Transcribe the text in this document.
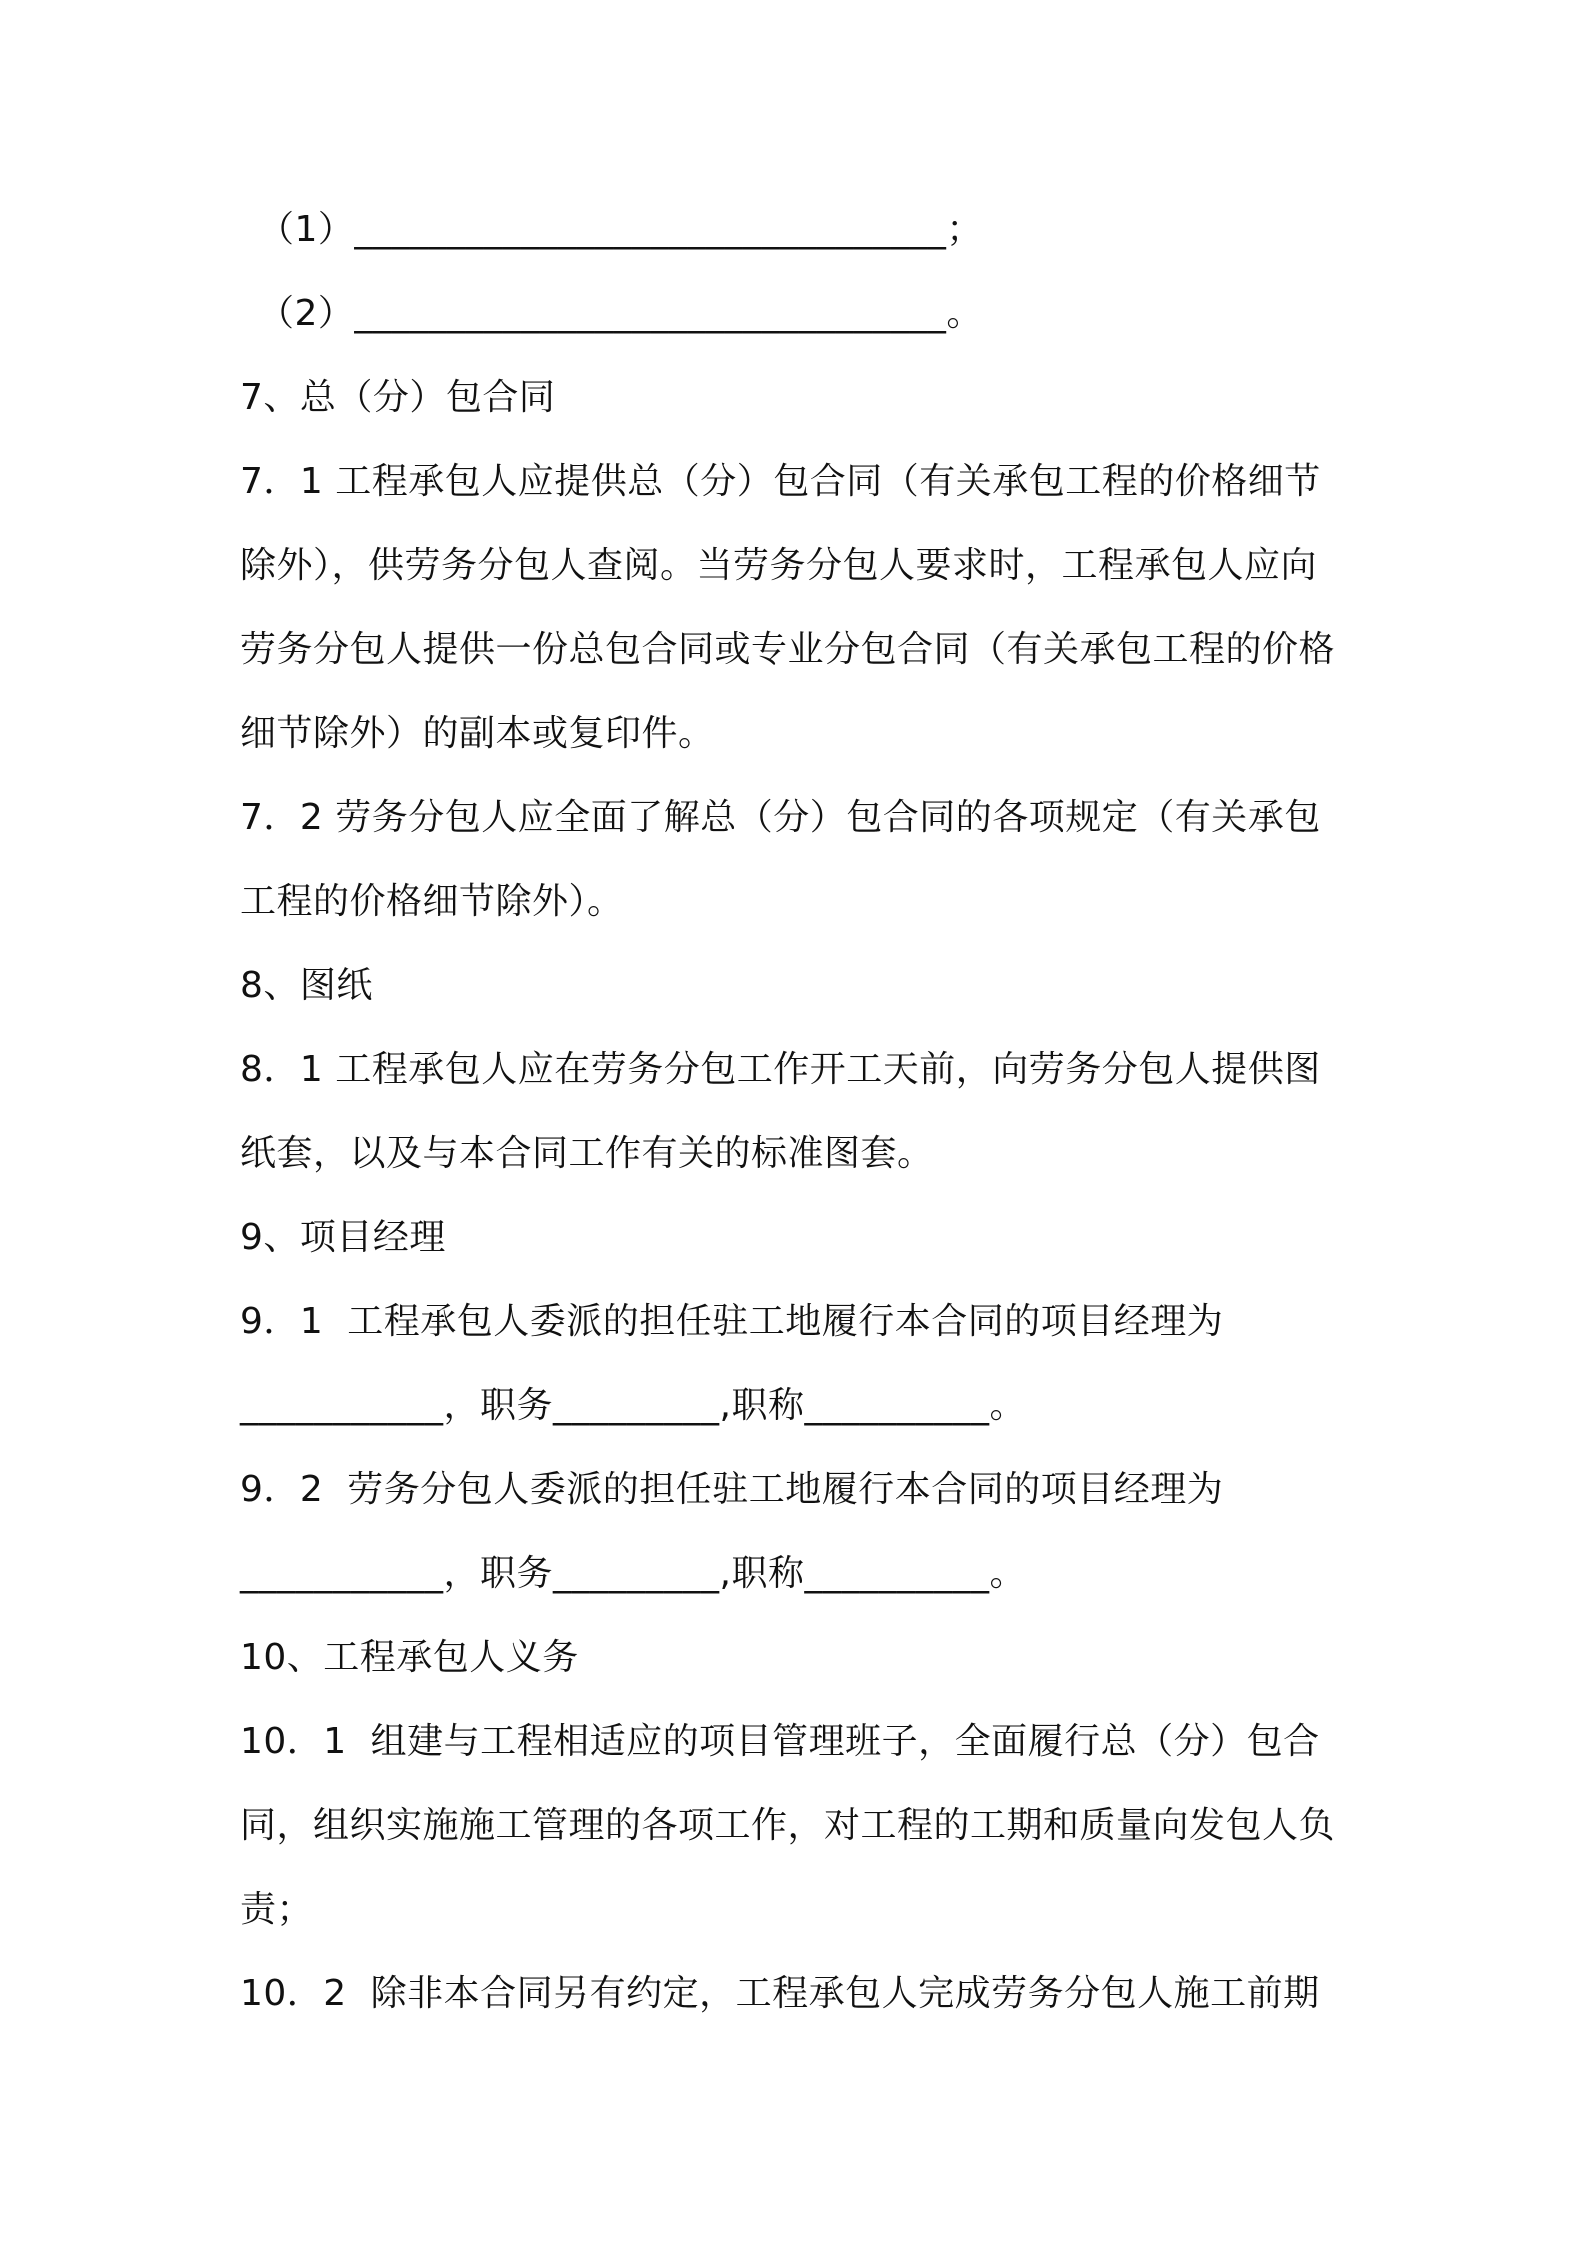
（1）________________________________；
（2）________________________________。
7、总（分）包合同
7．1 工程承包人应提供总（分）包合同（有关承包工程的价格细节
除外），供劳务分包人查阅。当劳务分包人要求时，工程承包人应向
劳务分包人提供一份总包合同或专业分包合同（有关承包工程的价格
细节除外）的副本或复印件。
7．2 劳务分包人应全面了解总（分）包合同的各项规定（有关承包
工程的价格细节除外）。
8、图纸
8．1 工程承包人应在劳务分包工作开工天前，向劳务分包人提供图
纸套，以及与本合同工作有关的标准图套。
9、项目经理
9．1  工程承包人委派的担任驻工地履行本合同的项目经理为
___________，职务_________,职称__________。
9．2  劳务分包人委派的担任驻工地履行本合同的项目经理为
___________，职务_________,职称__________。
10、工程承包人义务
10．1  组建与工程相适应的项目管理班子，全面履行总（分）包合
同，组织实施施工管理的各项工作，对工程的工期和质量向发包人负
责；
10．2  除非本合同另有约定，工程承包人完成劳务分包人施工前期
